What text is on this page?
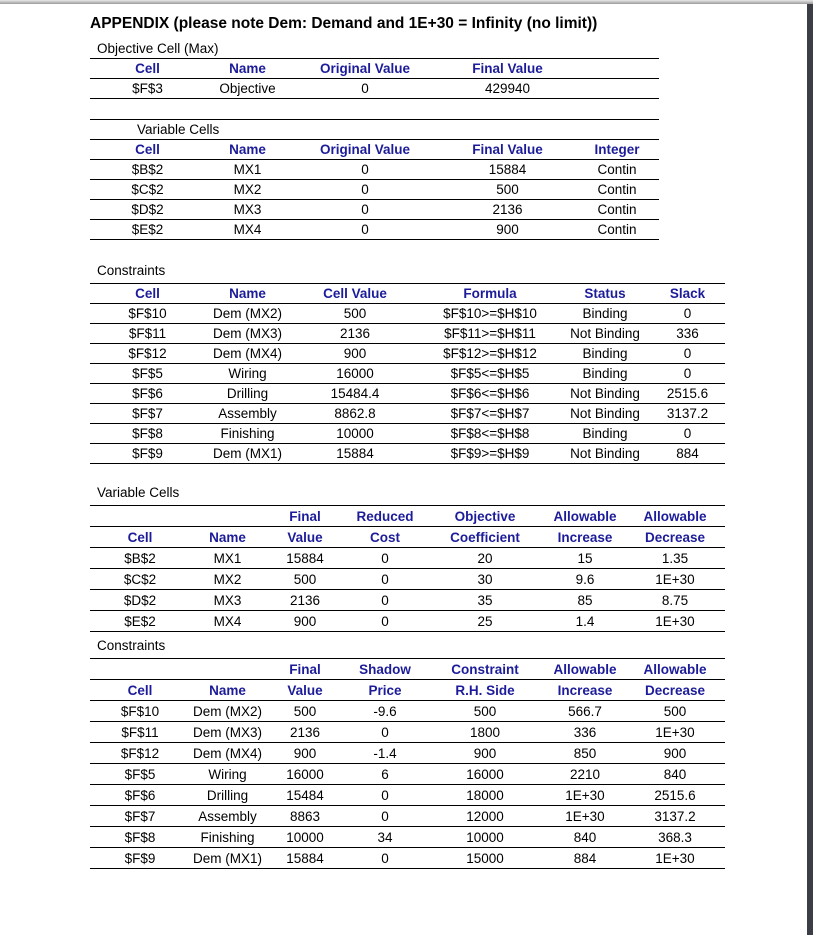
APPENDIX (please note Dem: Demand and 1E+30 = Infinity (no limit))
Objective Cell (Max)
Cell	Name	Original Value	Final Value	
$F$3	Objective	0	429940	
Variable Cells				
Cell	Name	Original Value	Final Value	Integer
$B$2	MX1	0	15884	Contin
$C$2	MX2	0	500	Contin
$D$2	MX3	0	2136	Contin
$E$2	MX4	0	900	Contin
Constraints
Cell	Name	Cell Value	Formula	Status	Slack
$F$10	Dem (MX2)	500	$F$10>=$H$10	Binding	0
$F$11	Dem (MX3)	2136	$F$11>=$H$11	Not Binding	336
$F$12	Dem (MX4)	900	$F$12>=$H$12	Binding	0
$F$5	Wiring	16000	$F$5<=$H$5	Binding	0
$F$6	Drilling	15484.4	$F$6<=$H$6	Not Binding	2515.6
$F$7	Assembly	8862.8	$F$7<=$H$7	Not Binding	3137.2
$F$8	Finishing	10000	$F$8<=$H$8	Binding	0
$F$9	Dem (MX1)	15884	$F$9>=$H$9	Not Binding	884
Variable Cells
		Final	Reduced	Objective	Allowable	Allowable
Cell	Name	Value	Cost	Coefficient	Increase	Decrease
$B$2	MX1	15884	0	20	15	1.35
$C$2	MX2	500	0	30	9.6	1E+30
$D$2	MX3	2136	0	35	85	8.75
$E$2	MX4	900	0	25	1.4	1E+30
Constraints
		Final	Shadow	Constraint	Allowable	Allowable
Cell	Name	Value	Price	R.H. Side	Increase	Decrease
$F$10	Dem (MX2)	500	-9.6	500	566.7	500
$F$11	Dem (MX3)	2136	0	1800	336	1E+30
$F$12	Dem (MX4)	900	-1.4	900	850	900
$F$5	Wiring	16000	6	16000	2210	840
$F$6	Drilling	15484	0	18000	1E+30	2515.6
$F$7	Assembly	8863	0	12000	1E+30	3137.2
$F$8	Finishing	10000	34	10000	840	368.3
$F$9	Dem (MX1)	15884	0	15000	884	1E+30
